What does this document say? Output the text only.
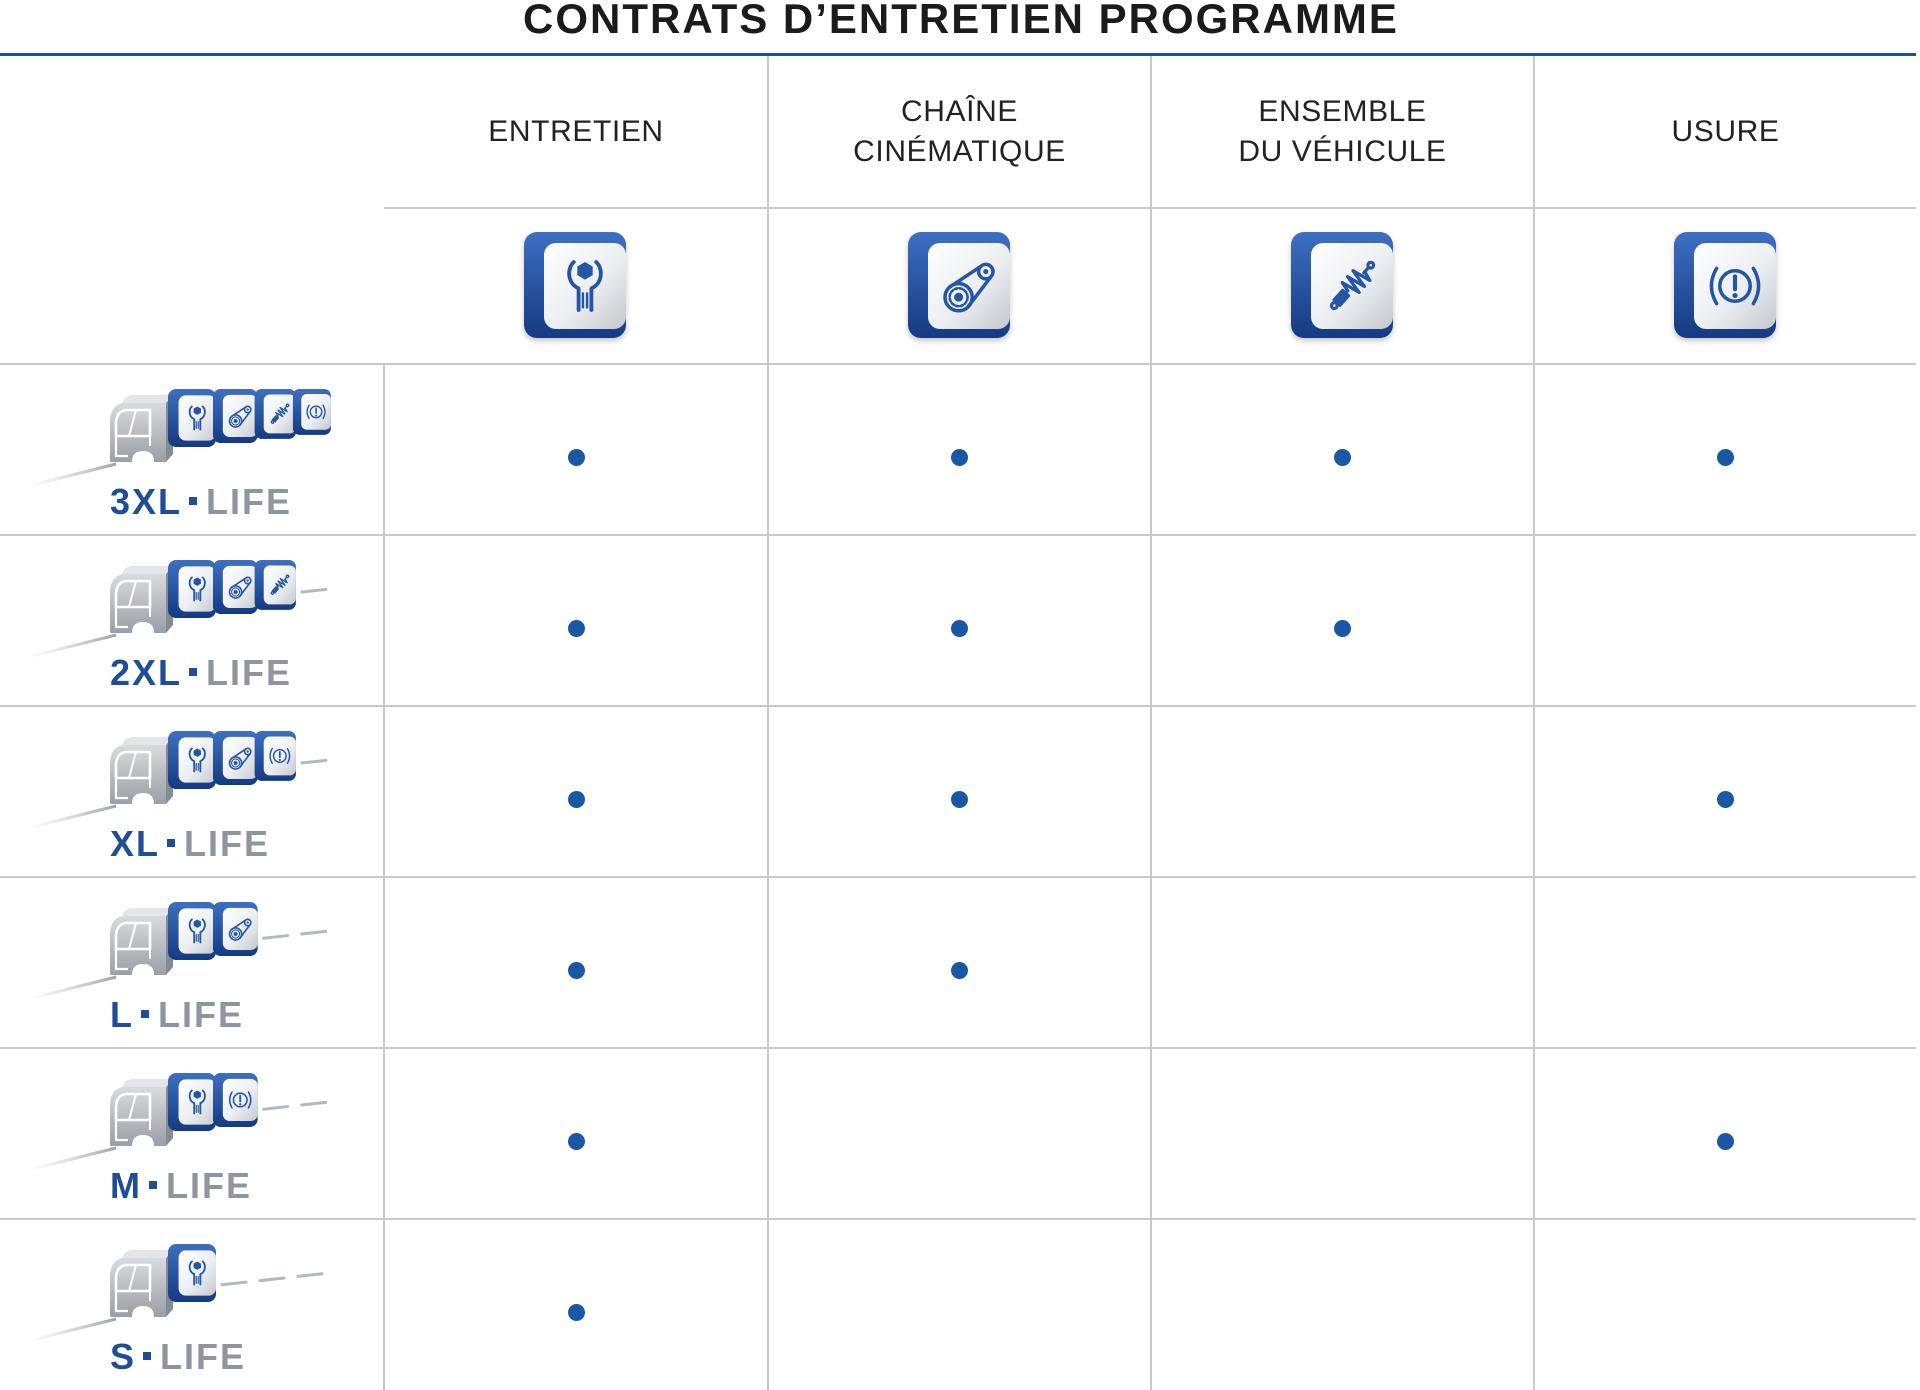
CONTRATS D’ENTRETIEN PROGRAMME
ENTRETIEN
CHAÎNE
CINÉMATIQUE
ENSEMBLE
DU VÉHICULE
USURE
3XL LIFE
2XL LIFE
XL LIFE
L LIFE
M LIFE
S LIFE
